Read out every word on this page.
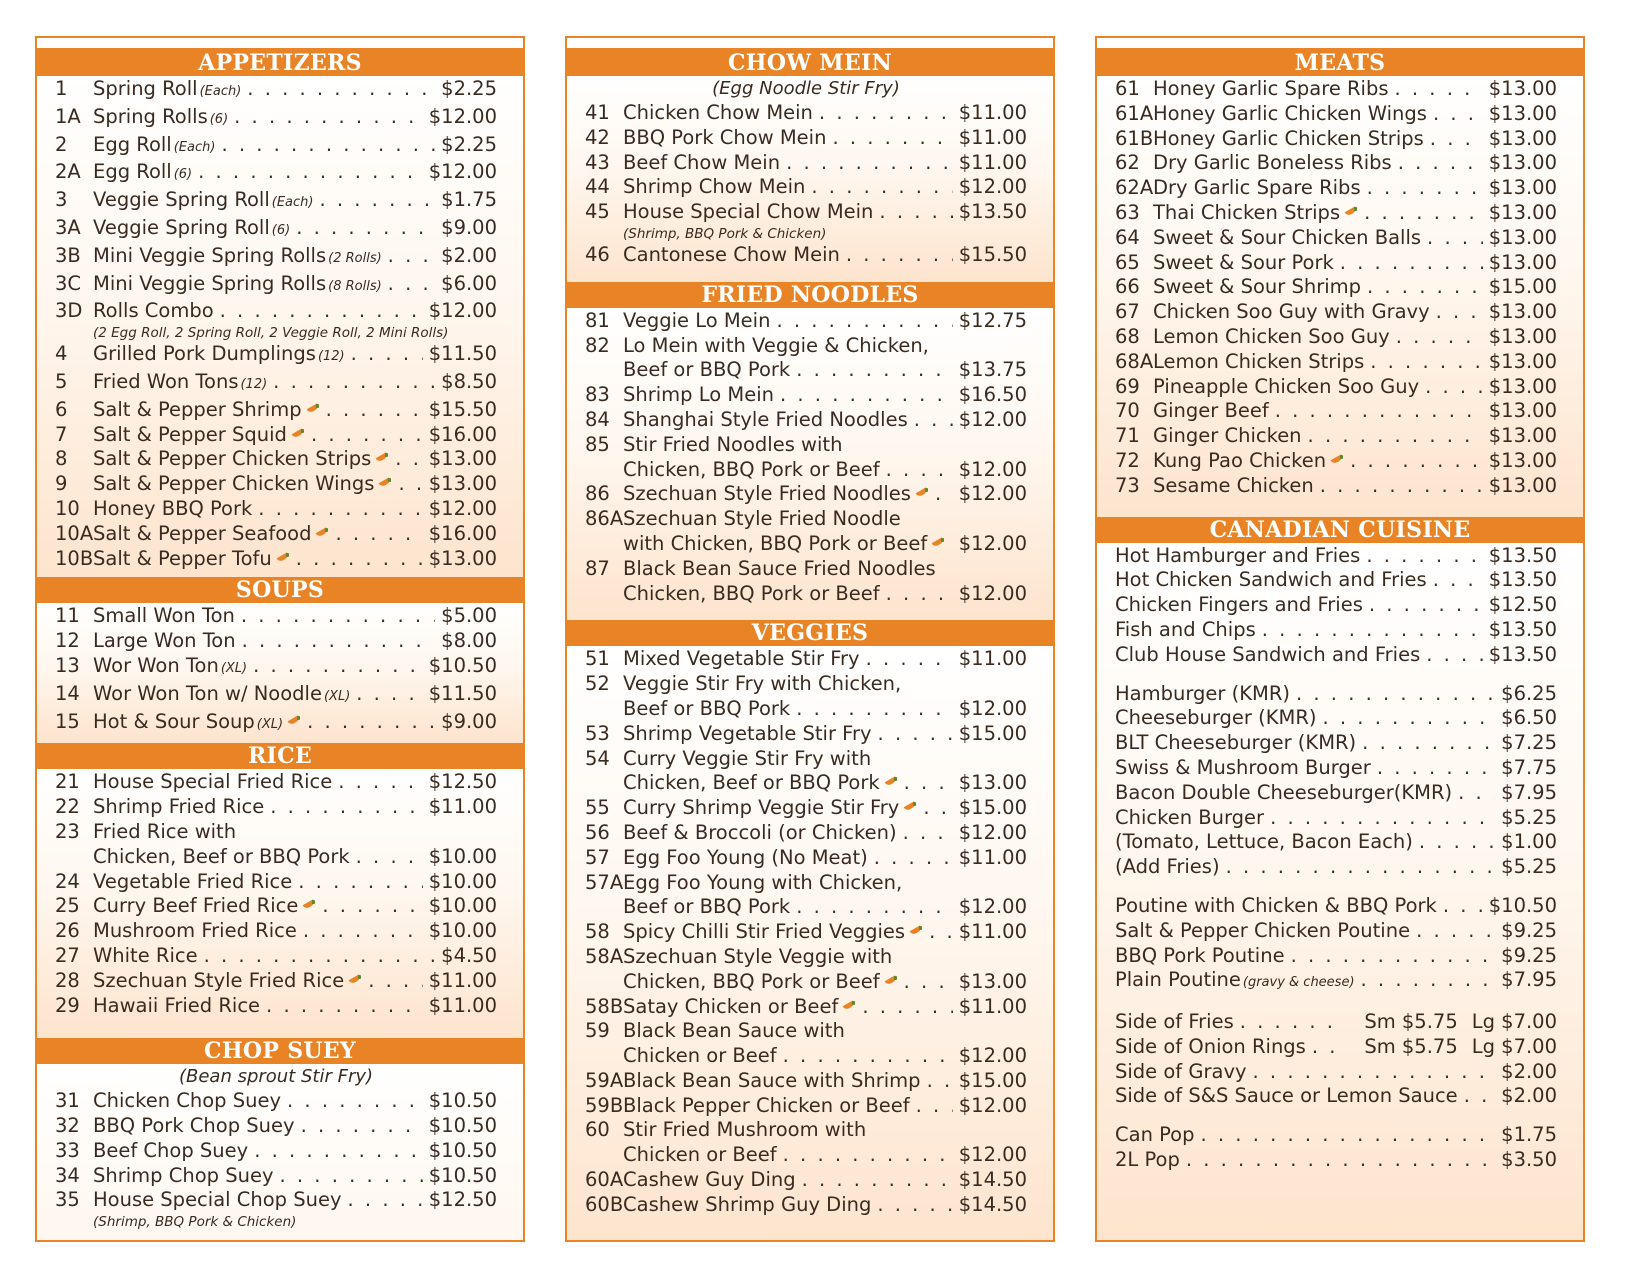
APPETIZERS
1	Spring Roll (Each) . . .	$2.25
1A Spring Rolls (6) . . .	$12.00
2	Egg Roll (Each) . . .	$2.25
2A Egg Roll (6) . . .	$12.00
3	Veggie Spring Roll (Each) . . .	$1.75
3A Veggie Spring Roll (6) . . .	$9.00
3B Mini Veggie Spring Rolls (2 Rolls) . . .	$2.00
3C Mini Veggie Spring Rolls (8 Rolls) . . .	$6.00
3D Rolls Combo . . .	$12.00
(2 Egg Roll, 2 Spring Roll, 2 Veggie Roll, 2 Mini Rolls)
4	Grilled Pork Dumplings (12) . . .	$11.50
5	Fried Won Tons (12) . . .	$8.50
6	Salt & Pepper Shrimp . . .	$15.50
7	Salt & Pepper Squid . . .	$16.00
8	Salt & Pepper Chicken Strips . . .	$13.00
9	Salt & Pepper Chicken Wings . . .	$13.00
10 Honey BBQ Pork . . .	$12.00
10A Salt & Pepper Seafood . . .	$16.00
10B Salt & Pepper Tofu . . .	$13.00
SOUPS
11 Small Won Ton . . .	$5.00
12 Large Won Ton . . .	$8.00
13 Wor Won Ton (XL) . . .	$10.50
14 Wor Won Ton w/ Noodle (XL) . . .	$11.50
15 Hot & Sour Soup (XL) . . .	$9.00
RICE
21 House Special Fried Rice . . .	$12.50
22 Shrimp Fried Rice . . .	$11.00
23 Fried Rice with
Chicken, Beef or BBQ Pork . . .	$10.00
24 Vegetable Fried Rice . . .	$10.00
25 Curry Beef Fried Rice . . .	$10.00
26 Mushroom Fried Rice . . .	$10.00
27 White Rice . . .	$4.50
28 Szechuan Style Fried Rice . . .	$11.00
29 Hawaii Fried Rice . . .	$11.00
CHOP SUEY
(Bean sprout Stir Fry)
31 Chicken Chop Suey . . .	$10.50
32 BBQ Pork Chop Suey . . .	$10.50
33 Beef Chop Suey . . .	$10.50
34 Shrimp Chop Suey . . .	$10.50
35 House Special Chop Suey . . .	$12.50
(Shrimp, BBQ Pork & Chicken)
CHOW MEIN
(Egg Noodle Stir Fry)
41 Chicken Chow Mein . . .	$11.00
42 BBQ Pork Chow Mein . . .	$11.00
43 Beef Chow Mein . . .	$11.00
44 Shrimp Chow Mein . . .	$12.00
45 House Special Chow Mein . . .	$13.50
(Shrimp, BBQ Pork & Chicken)
46 Cantonese Chow Mein . . .	$15.50
FRIED NOODLES
81 Veggie Lo Mein . . .	$12.75
82 Lo Mein with Veggie & Chicken,
Beef or BBQ Pork . . .	$13.75
83 Shrimp Lo Mein . . .	$16.50
84 Shanghai Style Fried Noodles . . .	$12.00
85 Stir Fried Noodles with
Chicken, BBQ Pork or Beef . . .	$12.00
86 Szechuan Style Fried Noodles . . .	$12.00
86A Szechuan Style Fried Noodle
with Chicken, BBQ Pork or Beef . . .	$12.00
87 Black Bean Sauce Fried Noodles
Chicken, BBQ Pork or Beef . . .	$12.00
VEGGIES
51 Mixed Vegetable Stir Fry . . .	$11.00
52 Veggie Stir Fry with Chicken,
Beef or BBQ Pork . . .	$12.00
53 Shrimp Vegetable Stir Fry . . .	$15.00
54 Curry Veggie Stir Fry with
Chicken, Beef or BBQ Pork . . .	$13.00
55 Curry Shrimp Veggie Stir Fry . . .	$15.00
56 Beef & Broccoli (or Chicken) . . .	$12.00
57 Egg Foo Young (No Meat) . . .	$11.00
57A Egg Foo Young with Chicken,
Beef or BBQ Pork . . .	$12.00
58 Spicy Chilli Stir Fried Veggies . . .	$11.00
58A Szechuan Style Veggie with
Chicken, BBQ Pork or Beef . . .	$13.00
58B Satay Chicken or Beef . . .	$11.00
59 Black Bean Sauce with
Chicken or Beef . . .	$12.00
59A Black Bean Sauce with Shrimp . . . $15.00
59B Black Pepper Chicken or Beef . . .	$12.00
60 Stir Fried Mushroom with
Chicken or Beef . . .	$12.00
60A Cashew Guy Ding . . .	$14.50
60B Cashew Shrimp Guy Ding . . .	$14.50
MEATS
61 Honey Garlic Spare Ribs . . .	$13.00
61A Honey Garlic Chicken Wings . . .	$13.00
61B Honey Garlic Chicken Strips . . .	$13.00
62 Dry Garlic Boneless Ribs . . .	$13.00
62A Dry Garlic Spare Ribs . . .	$13.00
63 Thai Chicken Strips . . .	$13.00
64 Sweet & Sour Chicken Balls . . .	$13.00
65 Sweet & Sour Pork . . .	$13.00
66 Sweet & Sour Shrimp . . .	$15.00
67 Chicken Soo Guy with Gravy . . .	$13.00
68 Lemon Chicken Soo Guy . . .	$13.00
68A Lemon Chicken Strips . . .	$13.00
69 Pineapple Chicken Soo Guy . . .	$13.00
70 Ginger Beef . . .	$13.00
71 Ginger Chicken . . .	$13.00
72 Kung Pao Chicken . . .	$13.00
73 Sesame Chicken . . .	$13.00
CANADIAN CUISINE
Hot Hamburger and Fries . . .	$13.50
Hot Chicken Sandwich and Fries . . .	$13.50
Chicken Fingers and Fries . . .	$12.50
Fish and Chips . . .	$13.50
Club House Sandwich and Fries . . .	$13.50
Hamburger (KMR) . . .	$6.25
Cheeseburger (KMR) . . .	$6.50
BLT Cheeseburger (KMR) . . .	$7.25
Swiss & Mushroom Burger . . .	$7.75
Bacon Double Cheeseburger(KMR) . . .	$7.95
Chicken Burger . . .	$5.25
(Tomato, Lettuce, Bacon Each) . . .	$1.00
(Add Fries) . . .	$5.25
Poutine with Chicken & BBQ Pork . . .	$10.50
Salt & Pepper Chicken Poutine . . .	$9.25
BBQ Pork Poutine . . .	$9.25
Plain Poutine (gravy & cheese) . . .	$7.95
Side of Fries . . .	Sm $5.75 Lg $7.00
Side of Onion Rings . . .	Sm $5.75 Lg $7.00
Side of Gravy . . .	$2.00
Side of S&S Sauce or Lemon Sauce . . . $2.00
Can Pop . . .	$1.75
2L Pop . . .	$3.50
